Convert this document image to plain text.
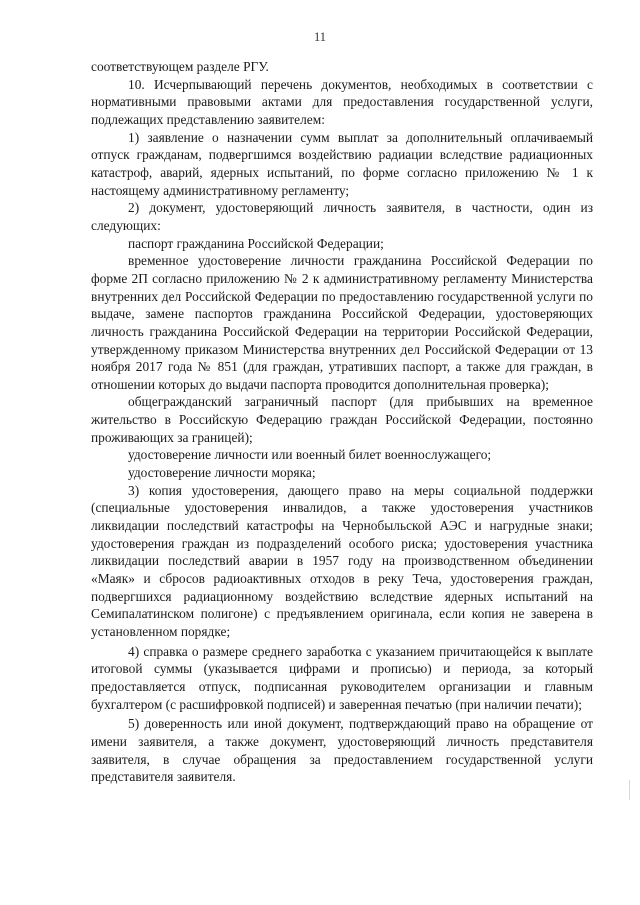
11

соответствующем разделе РГУ.

10. Исчерпывающий перечень документов, необходимых в соответствии с нормативными правовыми актами для предоставления государственной услуги, подлежащих представлению заявителем:

1) заявление о назначении сумм выплат за дополнительный оплачиваемый отпуск гражданам, подвергшимся воздействию радиации вследствие радиационных катастроф, аварий, ядерных испытаний, по форме согласно приложению № 1 к настоящему административному регламенту;

2) документ, удостоверяющий личность заявителя, в частности, один из следующих:

паспорт гражданина Российской Федерации;

временное удостоверение личности гражданина Российской Федерации по форме 2П согласно приложению № 2 к административному регламенту Министерства внутренних дел Российской Федерации по предоставлению государственной услуги по выдаче, замене паспортов гражданина Российской Федерации, удостоверяющих личность гражданина Российской Федерации на территории Российской Федерации, утвержденному приказом Министерства внутренних дел Российской Федерации от 13 ноября 2017 года № 851 (для граждан, утративших паспорт, а также для граждан, в отношении которых до выдачи паспорта проводится дополнительная проверка);

общегражданский заграничный паспорт (для прибывших на временное жительство в Российскую Федерацию граждан Российской Федерации, постоянно проживающих за границей);

удостоверение личности или военный билет военнослужащего;

удостоверение личности моряка;

3) копия удостоверения, дающего право на меры социальной поддержки (специальные удостоверения инвалидов, а также удостоверения участников ликвидации последствий катастрофы на Чернобыльской АЭС и нагрудные знаки; удостоверения граждан из подразделений особого риска; удостоверения участника ликвидации последствий аварии в 1957 году на производственном объединении «Маяк» и сбросов радиоактивных отходов в реку Теча, удостоверения граждан, подвергшихся радиационному воздействию вследствие ядерных испытаний на Семипалатинском полигоне) с предъявлением оригинала, если копия не заверена в установленном порядке;

4) справка о размере среднего заработка с указанием причитающейся к выплате итоговой суммы (указывается цифрами и прописью) и периода, за который предоставляется отпуск, подписанная руководителем организации и главным бухгалтером (с расшифровкой подписей) и заверенная печатью (при наличии печати);

5) доверенность или иной документ, подтверждающий право на обращение от имени заявителя, а также документ, удостоверяющий личность представителя заявителя, в случае обращения за предоставлением государственной услуги представителя заявителя.
